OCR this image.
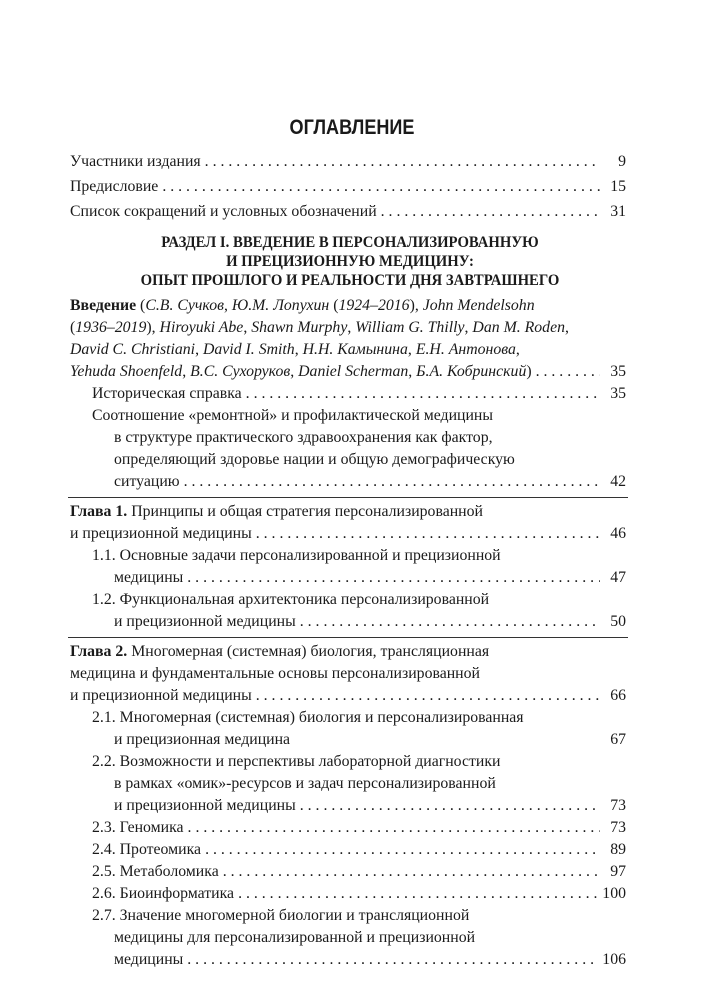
ОГЛАВЛЕНИЕ
Участники издания . . .	9
Предисловие . . .	15
Список сокращений и условных обозначений . . .	31
РАЗДЕЛ I. ВВЕДЕНИЕ В ПЕРСОНАЛИЗИРОВАННУЮ
И ПРЕЦИЗИОННУЮ МЕДИЦИНУ:
ОПЫТ ПРОШЛОГО И РЕАЛЬНОСТИ ДНЯ ЗАВТРАШНЕГО
Введение (С.В. Сучков, Ю.М. Лопухин (1924–2016), John Mendelsohn
(1936–2019), Hiroyuki Abe, Shawn Murphy, William G. Thilly, Dan M. Roden,
David C. Christiani, David I. Smith, Н.Н. Камынина, Е.Н. Антонова,
Yehuda Shoenfeld, В.С. Сухоруков, Daniel Scherman, Б.А. Кобринский) . . .	35
Историческая справка . . .	35
Соотношение «ремонтной» и профилактической медицины
в структуре практического здравоохранения как фактор,
определяющий здоровье нации и общую демографическую
ситуацию . . .	42
Глава 1. Принципы и общая стратегия персонализированной
и прецизионной медицины . . .	46
1.1. Основные задачи персонализированной и прецизионной
медицины . . .	47
1.2. Функциональная архитектоника персонализированной
и прецизионной медицины . . .	50
Глава 2. Многомерная (системная) биология, трансляционная
медицина и фундаментальные основы персонализированной
и прецизионной медицины . . .	66
2.1. Многомерная (системная) биология и персонализированная
и прецизионная медицина	67
2.2. Возможности и перспективы лабораторной диагностики
в рамках «омик»-ресурсов и задач персонализированной
и прецизионной медицины . . .	73
2.3. Геномика . . .	73
2.4. Протеомика . . .	89
2.5. Метаболомика . . .	97
2.6. Биоинформатика . . .	100
2.7. Значение многомерной биологии и трансляционной
медицины для персонализированной и прецизионной
медицины . . .	106
